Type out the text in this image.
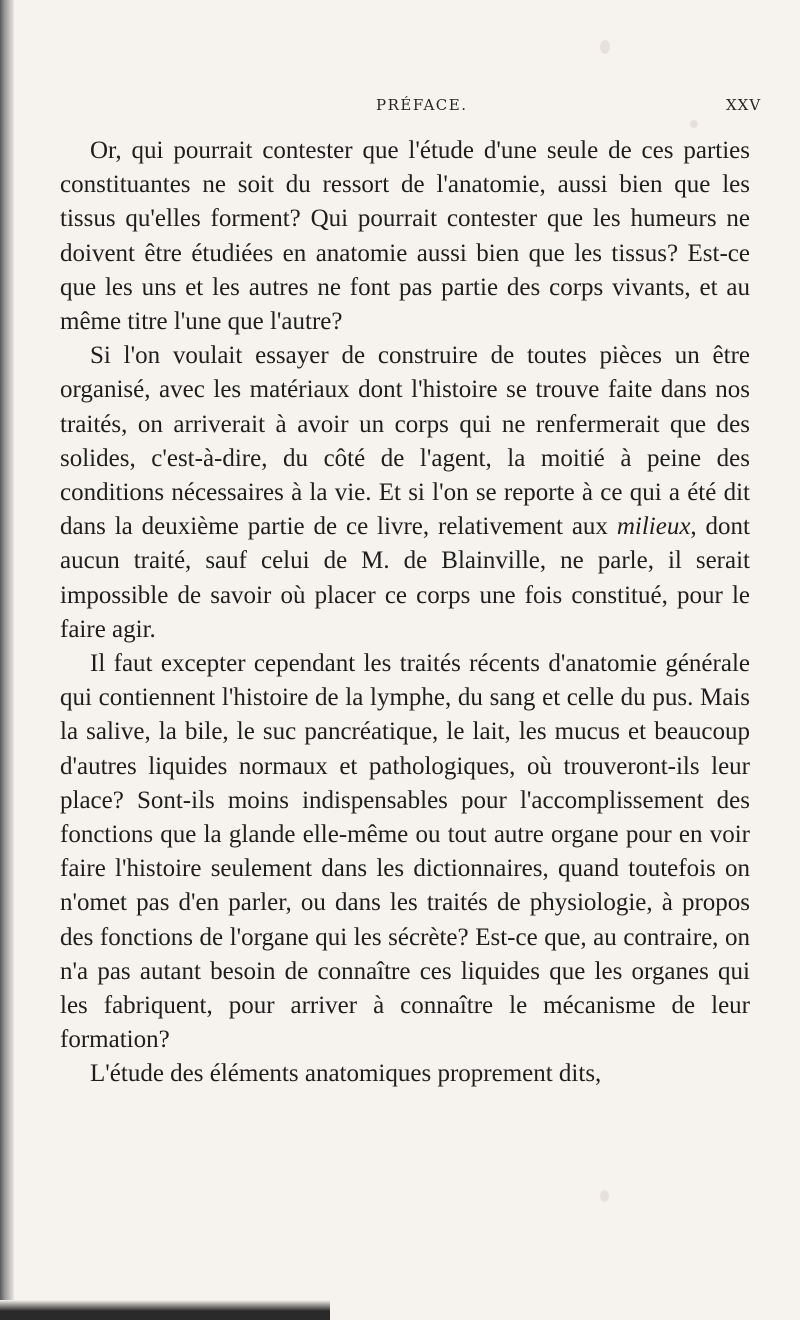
PRÉFACE.	XXV

Or, qui pourrait contester que l'étude d'une seule de ces parties constituantes ne soit du ressort de l'anatomie, aussi bien que les tissus qu'elles forment? Qui pourrait contester que les humeurs ne doivent être étudiées en anatomie aussi bien que les tissus? Est-ce que les uns et les autres ne font pas partie des corps vivants, et au même titre l'une que l'autre?

Si l'on voulait essayer de construire de toutes pièces un être organisé, avec les matériaux dont l'histoire se trouve faite dans nos traités, on arriverait à avoir un corps qui ne renfermerait que des solides, c'est-à-dire, du côté de l'agent, la moitié à peine des conditions nécessaires à la vie. Et si l'on se reporte à ce qui a été dit dans la deuxième partie de ce livre, relativement aux milieux, dont aucun traité, sauf celui de M. de Blainville, ne parle, il serait impossible de savoir où placer ce corps une fois constitué, pour le faire agir.

Il faut excepter cependant les traités récents d'anatomie générale qui contiennent l'histoire de la lymphe, du sang et celle du pus. Mais la salive, la bile, le suc pancréatique, le lait, les mucus et beaucoup d'autres liquides normaux et pathologiques, où trouveront-ils leur place? Sont-ils moins indispensables pour l'accomplissement des fonctions que la glande elle-même ou tout autre organe pour en voir faire l'histoire seulement dans les dictionnaires, quand toutefois on n'omet pas d'en parler, ou dans les traités de physiologie, à propos des fonctions de l'organe qui les sécrète? Est-ce que, au contraire, on n'a pas autant besoin de connaître ces liquides que les organes qui les fabriquent, pour arriver à connaître le mécanisme de leur formation?

L'étude des éléments anatomiques proprement dits,
